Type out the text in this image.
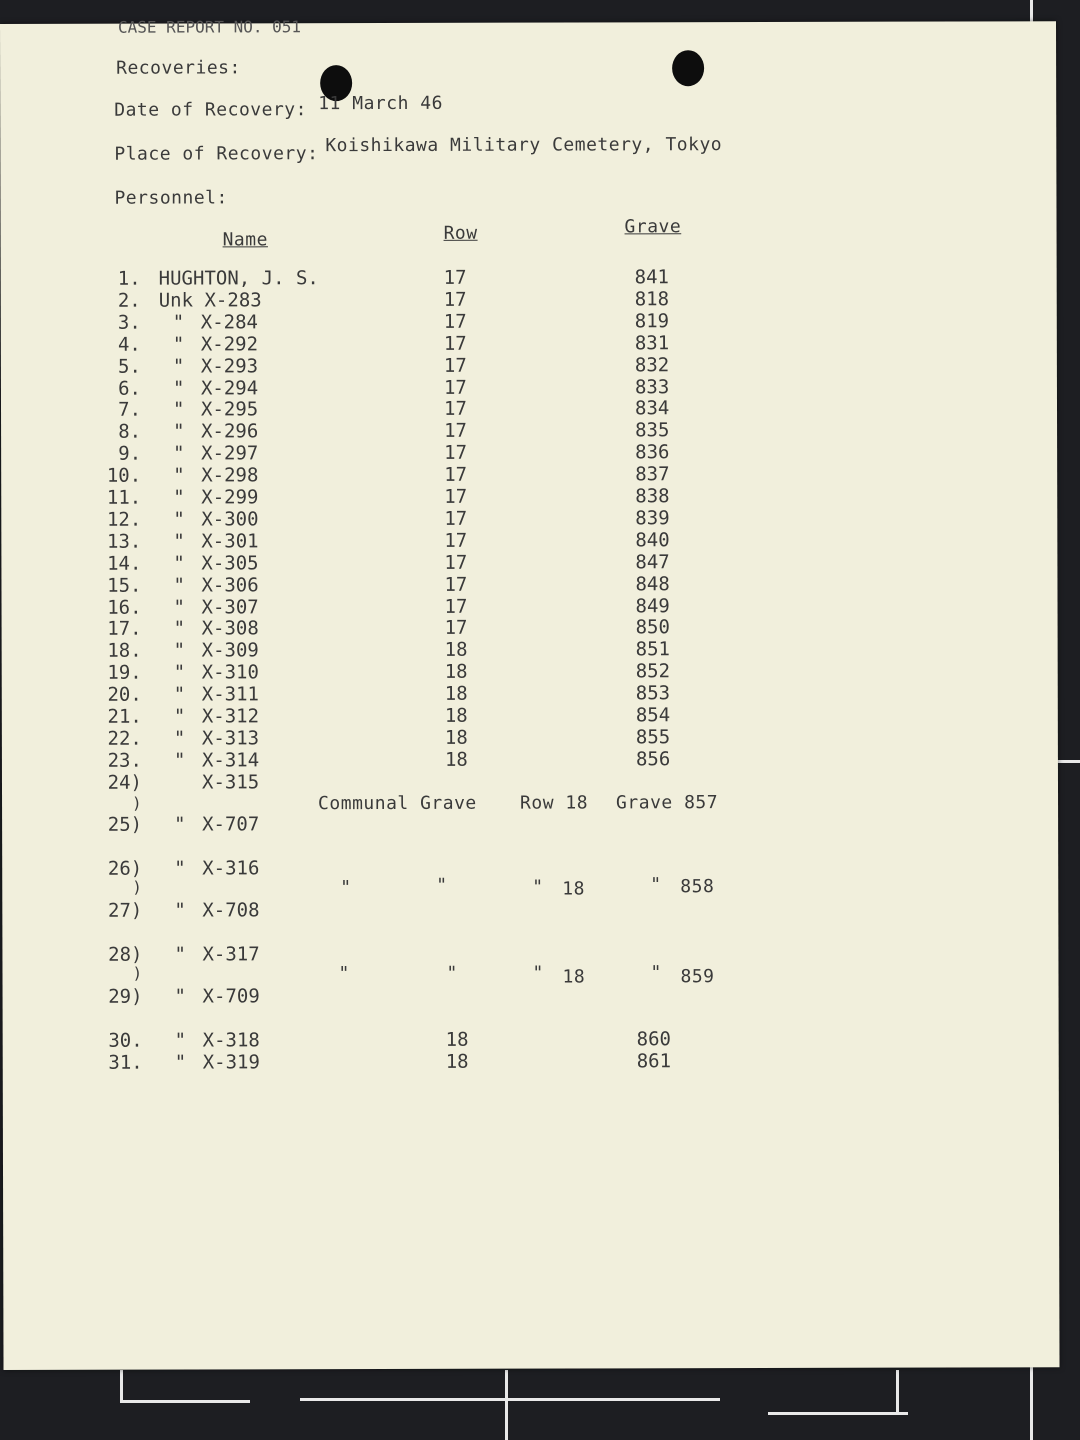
CASE REPORT NO. 051
Recoveries:
Date of Recovery: 11 March 46
Place of Recovery: Koishikawa Military Cemetery, Tokyo
Personnel:
Name	Row	Grave
1. HUGHTON, J. S.	17	841
2. Unk X-283	17	818
3. " X-284	17	819
4. " X-292	17	831
5. " X-293	17	832
6. " X-294	17	833
7. " X-295	17	834
8. " X-296	17	835
9. " X-297	17	836
10. " X-298	17	837
11. " X-299	17	838
12. " X-300	17	839
13. " X-301	17	840
14. " X-305	17	847
15. " X-306	17	848
16. " X-307	17	849
17. " X-308	17	850
18. " X-309	18	851
19. " X-310	18	852
20. " X-311	18	853
21. " X-312	18	854
22. " X-313	18	855
23. " X-314	18	856
24)	X-315
)	Communal Grave Row 18 Grave 857
25) " X-707
26) " X-316
)	"	"	" 18	" 858
27) " X-708
28) " X-317
)	"	"	" 18	" 859
29) " X-709
30. " X-318	18	860
31. " X-319	18	861
